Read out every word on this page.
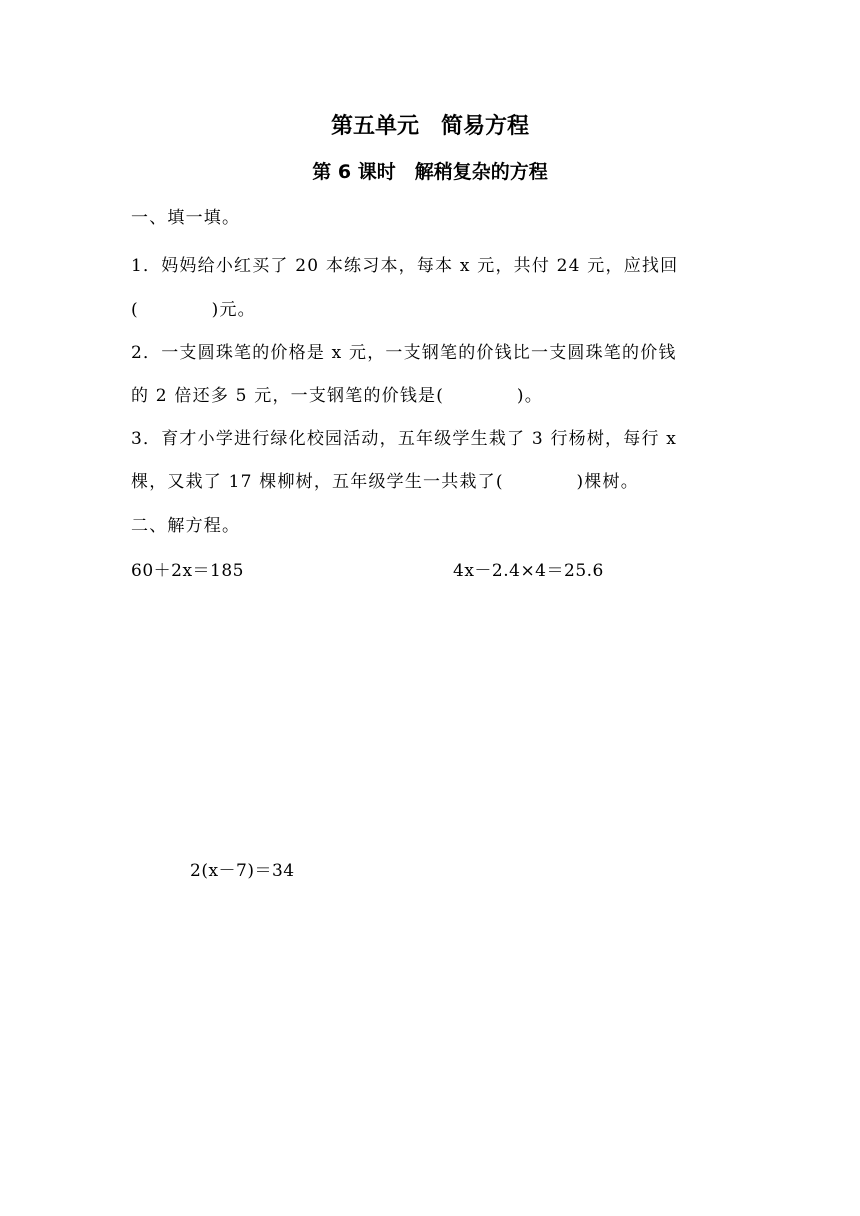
第五单元　简易方程
第 6 课时　解稍复杂的方程
一、填一填。
1．妈妈给小红买了 20 本练习本，每本 x 元，共付 24 元，应找回
(　　　　)元。
2．一支圆珠笔的价格是 x 元，一支钢笔的价钱比一支圆珠笔的价钱
的 2 倍还多 5 元，一支钢笔的价钱是(　　　　)。
3．育才小学进行绿化校园活动，五年级学生栽了 3 行杨树，每行 x
棵，又栽了 17 棵柳树，五年级学生一共栽了(　　　　)棵树。
二、解方程。
60＋2x＝185	4x－2.4×4＝25.6
2(x－7)＝34
